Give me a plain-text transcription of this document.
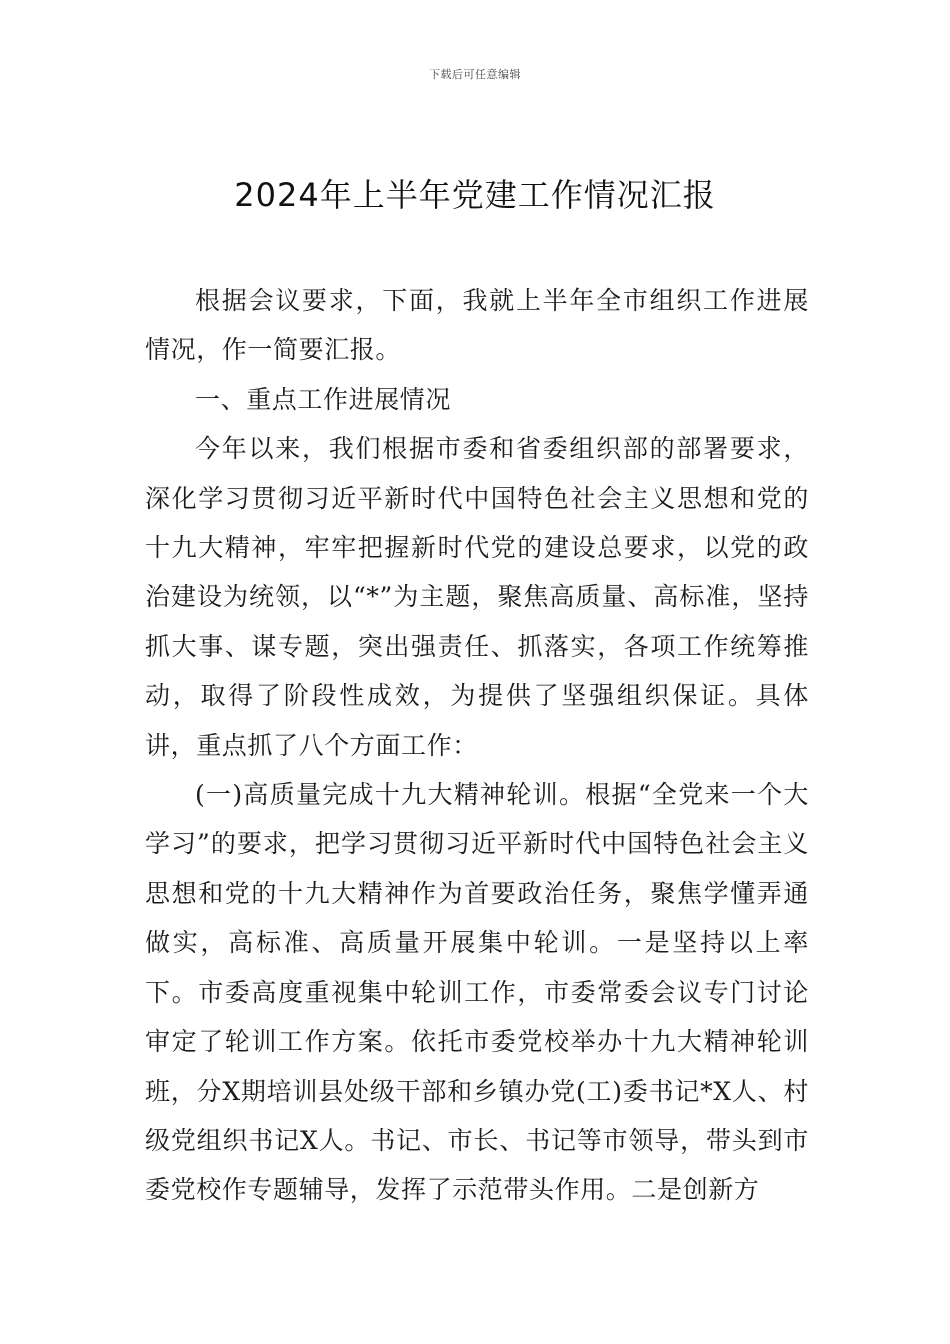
下载后可任意编辑
2024年上半年党建工作情况汇报

根据会议要求，下面，我就上半年全市组织工作进展情况，作一简要汇报。

一、重点工作进展情况

今年以来，我们根据市委和省委组织部的部署要求，深化学习贯彻习近平新时代中国特色社会主义思想和党的十九大精神，牢牢把握新时代党的建设总要求，以党的政治建设为统领，以“*”为主题，聚焦高质量、高标准，坚持抓大事、谋专题，突出强责任、抓落实，各项工作统筹推动，取得了阶段性成效，为提供了坚强组织保证。具体讲，重点抓了八个方面工作：

(一)高质量完成十九大精神轮训。根据“全党来一个大学习”的要求，把学习贯彻习近平新时代中国特色社会主义思想和党的十九大精神作为首要政治任务，聚焦学懂弄通做实，高标准、高质量开展集中轮训。一是坚持以上率下。市委高度重视集中轮训工作，市委常委会议专门讨论审定了轮训工作方案。依托市委党校举办十九大精神轮训班，分X期培训县处级干部和乡镇办党(工)委书记*X人、村级党组织书记X人。书记、市长、书记等市领导，带头到市委党校作专题辅导，发挥了示范带头作用。二是创新方
